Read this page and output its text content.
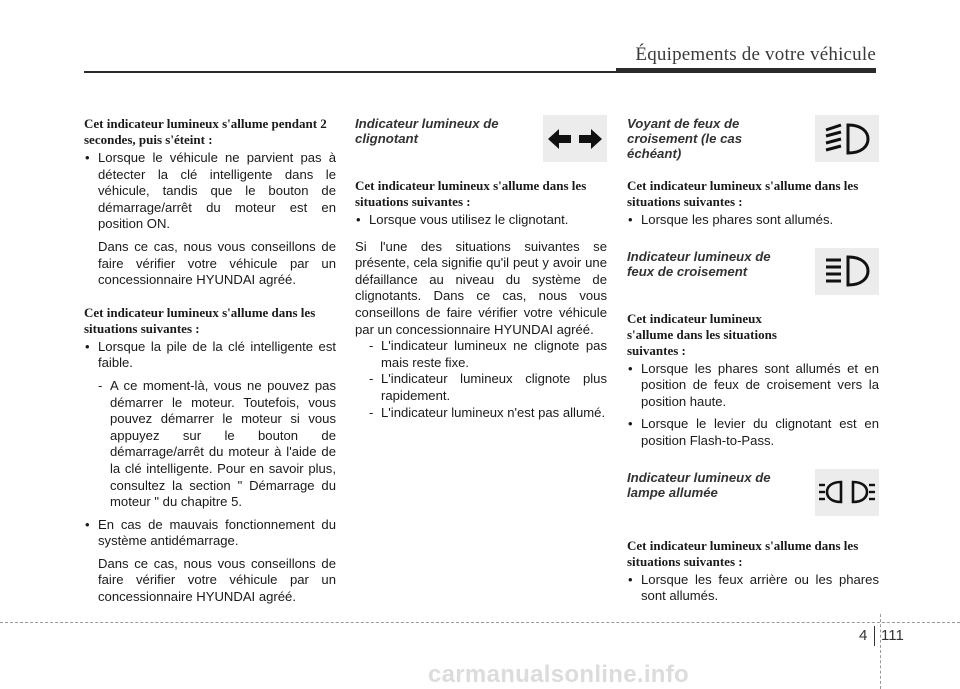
Équipements de votre véhicule

Cet indicateur lumineux s'allume pendant 2 secondes, puis s'éteint :

• Lorsque le véhicule ne parvient pas à détecter la clé intelligente dans le véhicule, tandis que le bouton de démarrage/arrêt du moteur est en position ON.

Dans ce cas, nous vous conseillons de faire vérifier votre véhicule par un concessionnaire HYUNDAI agréé.

Cet indicateur lumineux s'allume dans les situations suivantes :

• Lorsque la pile de la clé intelligente est faible.

- A ce moment-là, vous ne pouvez pas démarrer le moteur. Toutefois, vous pouvez démarrer le moteur si vous appuyez sur le bouton de démarrage/arrêt du moteur à l'aide de la clé intelligente. Pour en savoir plus, consultez la section " Démarrage du moteur " du chapitre 5.

• En cas de mauvais fonctionnement du système antidémarrage.

Dans ce cas, nous vous conseillons de faire vérifier votre véhicule par un concessionnaire HYUNDAI agréé.

Indicateur lumineux de clignotant

Cet indicateur lumineux s'allume dans les situations suivantes :

• Lorsque vous utilisez le clignotant.

Si l'une des situations suivantes se présente, cela signifie qu'il peut y avoir une défaillance au niveau du système de clignotants. Dans ce cas, nous vous conseillons de faire vérifier votre véhicule par un concessionnaire HYUNDAI agréé.

- L'indicateur lumineux ne clignote pas mais reste fixe.

- L'indicateur lumineux clignote plus rapidement.

- L'indicateur lumineux n'est pas allumé.

Voyant de feux de croisement (le cas échéant)

Cet indicateur lumineux s'allume dans les situations suivantes :

• Lorsque les phares sont allumés.

Indicateur lumineux de feux de croisement

Cet indicateur lumineux s'allume dans les situations suivantes :

• Lorsque les phares sont allumés et en position de feux de croisement vers la position haute.

• Lorsque le levier du clignotant est en position Flash-to-Pass.

Indicateur lumineux de lampe allumée

Cet indicateur lumineux s'allume dans les situations suivantes :

• Lorsque les feux arrière ou les phares sont allumés.

4 111
carmanualsonline.info
